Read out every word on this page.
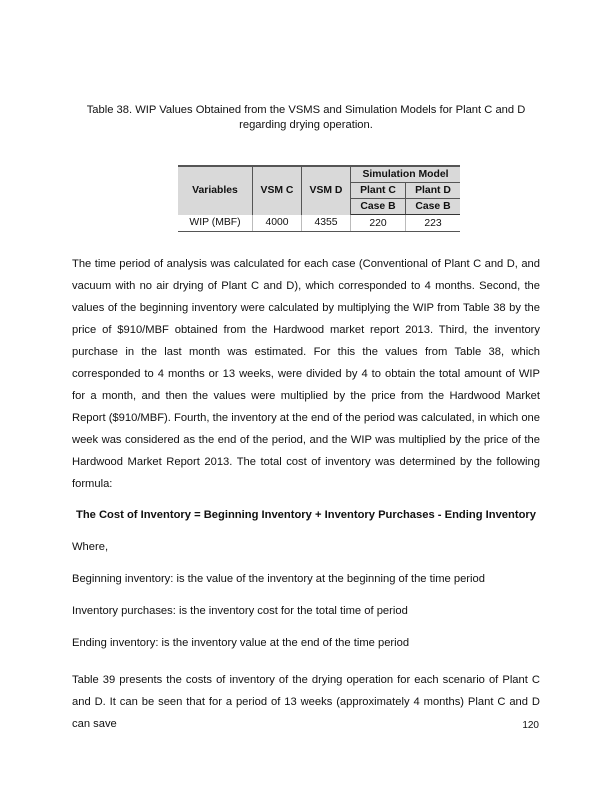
Table 38. WIP Values Obtained from the VSMS and Simulation Models for Plant C and D
regarding drying operation.
Variables	VSM C	VSM D	Simulation Model	
			Plant C	Plant D
			Case B	Case B
WIP (MBF)	4000	4355	220	223

The time period of analysis was calculated for each case (Conventional of Plant C and D, and vacuum with no air drying of Plant C and D), which corresponded to 4 months. Second, the values of the beginning inventory were calculated by multiplying the WIP from Table 38 by the price of $910/MBF obtained from the Hardwood market report 2013. Third, the inventory purchase in the last month was estimated. For this the values from Table 38, which corresponded to 4 months or 13 weeks, were divided by 4 to obtain the total amount of WIP for a month, and then the values were multiplied by the price from the Hardwood Market Report ($910/MBF). Fourth, the inventory at the end of the period was calculated, in which one week was considered as the end of the period, and the WIP was multiplied by the price of the Hardwood Market Report 2013. The total cost of inventory was determined by the following formula:

The Cost of Inventory = Beginning Inventory + Inventory Purchases - Ending Inventory
Where,
Beginning inventory: is the value of the inventory at the beginning of the time period
Inventory purchases: is the inventory cost for the total time of period
Ending inventory: is the inventory value at the end of the time period

Table 39 presents the costs of inventory of the drying operation for each scenario of Plant C and D. It can be seen that for a period of 13 weeks (approximately 4 months) Plant C and D can save	120
